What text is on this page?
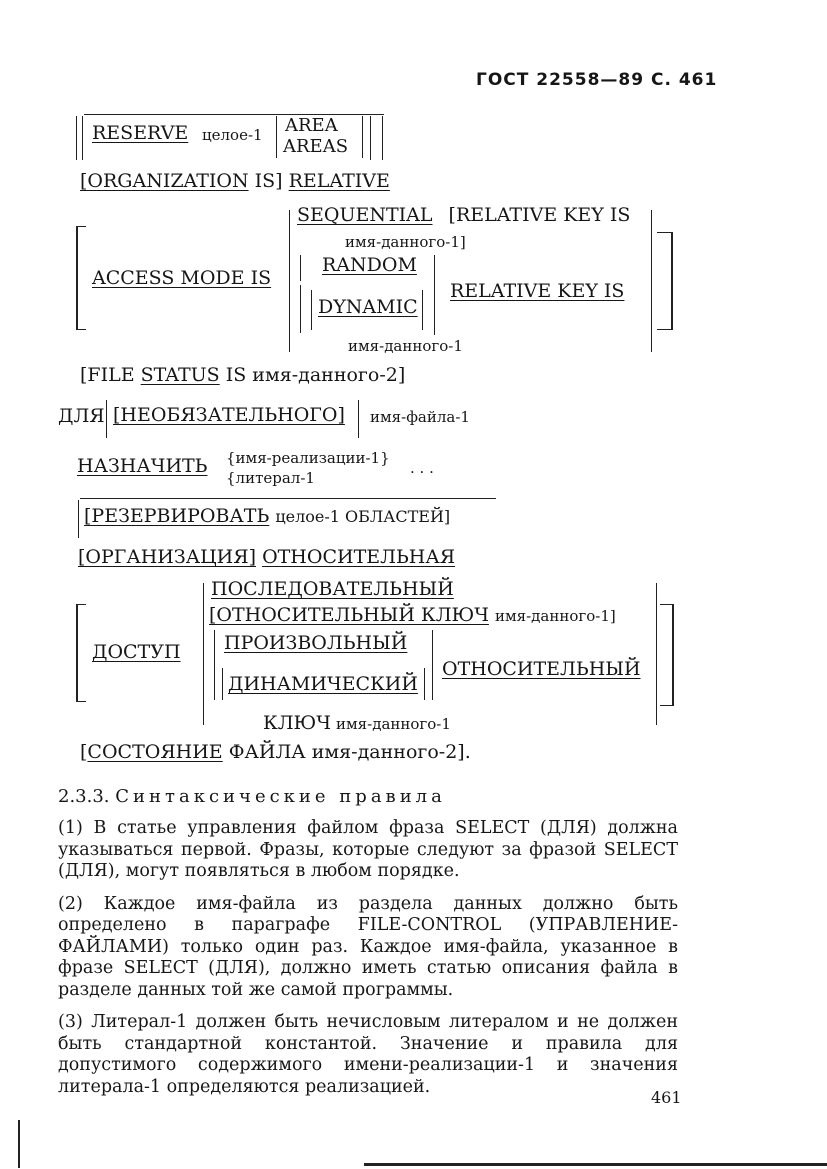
ГОСТ 22558—89 С. 461
RESERVE целое-1 AREA
AREAS
[ORGANIZATION IS] RELATIVE
SEQUENTIAL [RELATIVE KEY IS
имя-данного-1]
ACCESS MODE IS
RANDOM
DYNAMIC
RELATIVE KEY IS
имя-данного-1
[FILE STATUS IS имя-данного-2]
ДЛЯ [НЕОБЯЗАТЕЛЬНОГО] имя-файла-1
НАЗНАЧИТЬ {имя-реализации-1}
{литерал-1
. . .
[РЕЗЕРВИРОВАТЬ целое-1 ОБЛАСТЕЙ]
[ОРГАНИЗАЦИЯ] ОТНОСИТЕЛЬНАЯ
ПОСЛЕДОВАТЕЛЬНЫЙ
[ОТНОСИТЕЛЬНЫЙ КЛЮЧ имя-данного-1]
ДОСТУП ПРОИЗВОЛЬНЫЙ
ДИНАМИЧЕСКИЙ
ОТНОСИТЕЛЬНЫЙ
КЛЮЧ имя-данного-1
[СОСТОЯНИЕ ФАЙЛА имя-данного-2].
2.3.3. Синтаксические правила

(1) В статье управления файлом фраза SELECT (ДЛЯ) должна указываться первой. Фразы, которые следуют за фразой SELECT (ДЛЯ), могут появляться в любом порядке.

(2) Каждое имя-файла из раздела данных должно быть определено в параграфе FILE-CONTROL (УПРАВЛЕНИЕ-ФАЙЛАМИ) только один раз. Каждое имя-файла, указанное в фразе SELECT (ДЛЯ), должно иметь статью описания файла в разделе данных той же самой программы.

(3) Литерал-1 должен быть нечисловым литералом и не должен быть стандартной константой. Значение и правила для допустимого содержимого имени-реализации-1 и значения литерала-1 определяются реализацией.

461
